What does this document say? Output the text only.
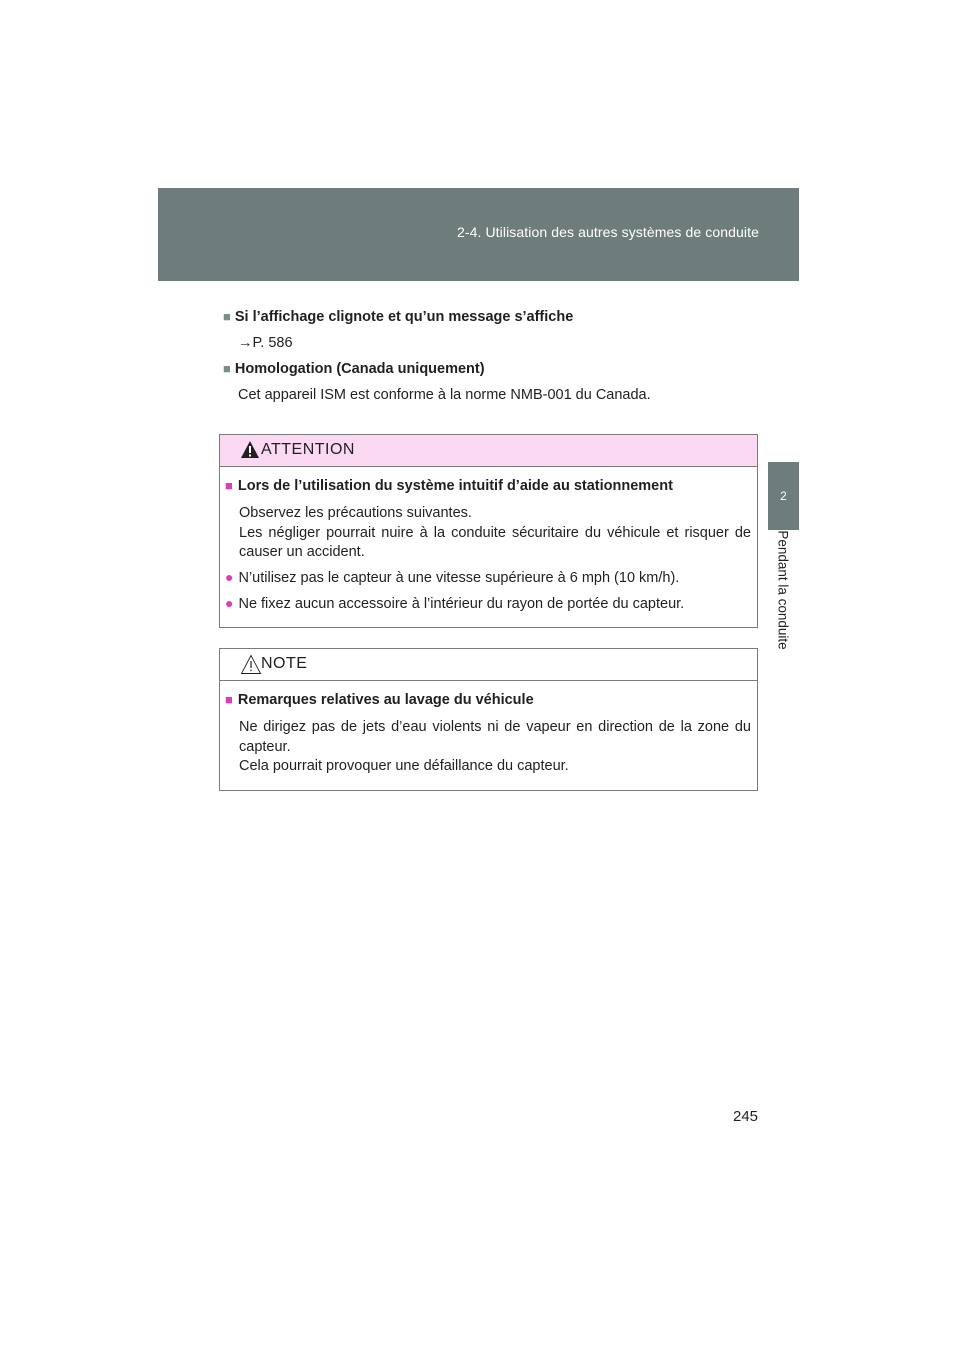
2-4. Utilisation des autres systèmes de conduite
2
Pendant la conduite
■ Si l’affichage clignote et qu’un message s’affiche
→P. 586
■ Homologation (Canada uniquement)
Cet appareil ISM est conforme à la norme NMB-001 du Canada.
ATTENTION
■ Lors de l’utilisation du système intuitif d’aide au stationnement
Observez les précautions suivantes.
Les négliger pourrait nuire à la conduite sécuritaire du véhicule et risquer de causer un accident.
● N’utilisez pas le capteur à une vitesse supérieure à 6 mph (10 km/h).
● Ne fixez aucun accessoire à l’intérieur du rayon de portée du capteur.
NOTE
■ Remarques relatives au lavage du véhicule
Ne dirigez pas de jets d’eau violents ni de vapeur en direction de la zone du capteur.
Cela pourrait provoquer une défaillance du capteur.
245
